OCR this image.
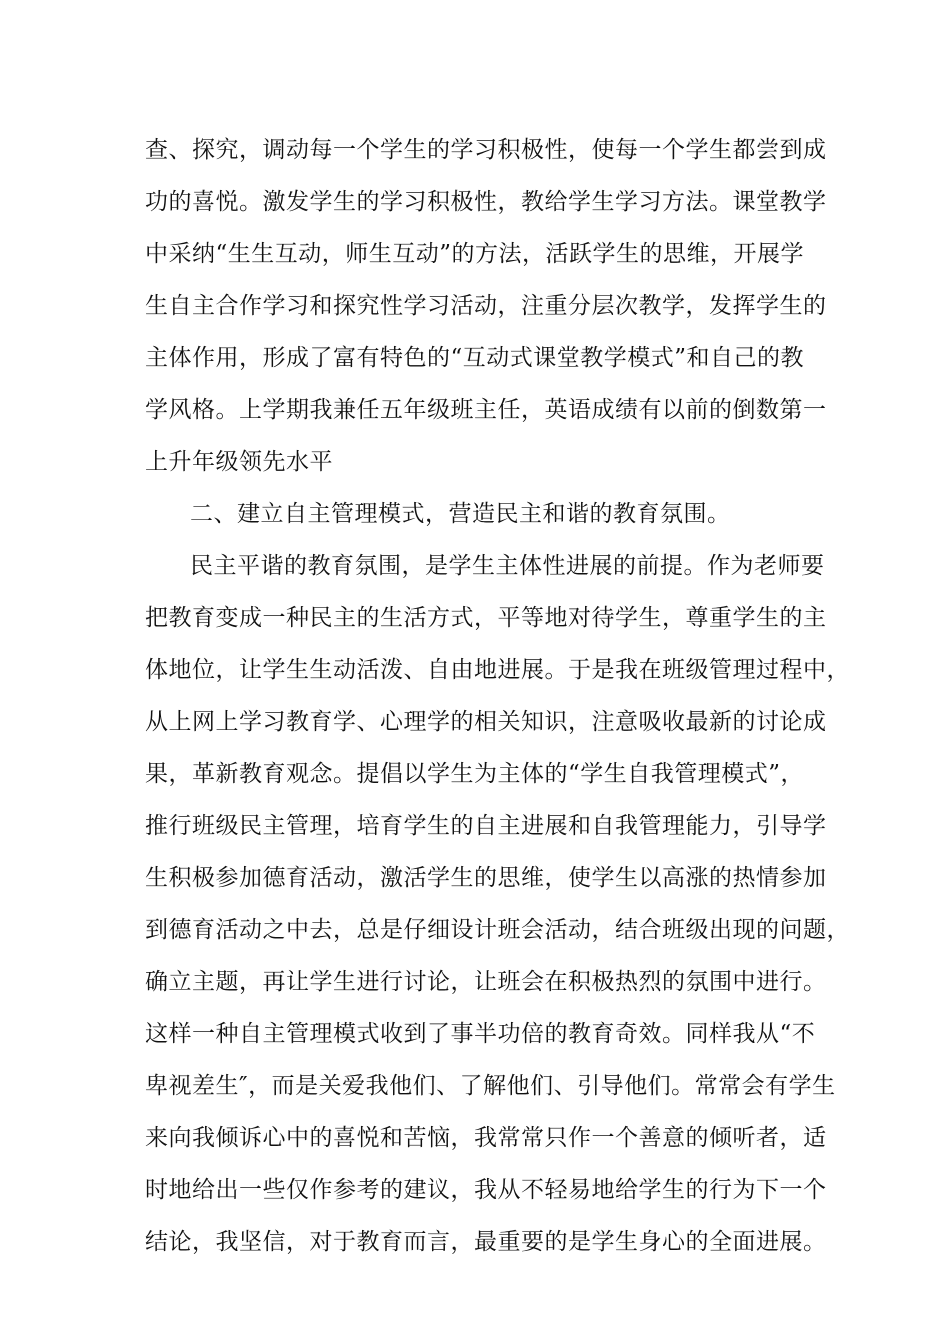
查、探究，调动每一个学生的学习积极性，使每一个学生都尝到成
功的喜悦。激发学生的学习积极性，教给学生学习方法。课堂教学
中采纳“生生互动，师生互动”的方法，活跃学生的思维，开展学
生自主合作学习和探究性学习活动，注重分层次教学，发挥学生的
主体作用，形成了富有特色的“互动式课堂教学模式”和自己的教
学风格。上学期我兼任五年级班主任，英语成绩有以前的倒数第一
上升年级领先水平
二、建立自主管理模式，营造民主和谐的教育氛围。
民主平谐的教育氛围，是学生主体性进展的前提。作为老师要
把教育变成一种民主的生活方式，平等地对待学生，尊重学生的主
体地位，让学生生动活泼、自由地进展。于是我在班级管理过程中，
从上网上学习教育学、心理学的相关知识，注意吸收最新的讨论成
果，革新教育观念。提倡以学生为主体的“学生自我管理模式”，
推行班级民主管理，培育学生的自主进展和自我管理能力，引导学
生积极参加德育活动，激活学生的思维，使学生以高涨的热情参加
到德育活动之中去，总是仔细设计班会活动，结合班级出现的问题，
确立主题，再让学生进行讨论，让班会在积极热烈的氛围中进行。
这样一种自主管理模式收到了事半功倍的教育奇效。同样我从“不
卑视差生″，而是关爱我他们、了解他们、引导他们。常常会有学生
来向我倾诉心中的喜悦和苦恼，我常常只作一个善意的倾听者，适
时地给出一些仅作参考的建议，我从不轻易地给学生的行为下一个
结论，我坚信，对于教育而言，最重要的是学生身心的全面进展。
